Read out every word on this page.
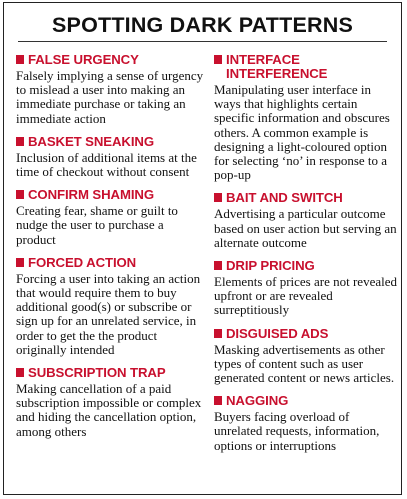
SPOTTING DARK PATTERNS
FALSE URGENCY
Falsely implying a sense of urgency to mislead a user into making an immediate purchase or taking an immediate action
BASKET SNEAKING
Inclusion of additional items at the time of checkout without consent
CONFIRM SHAMING
Creating fear, shame or guilt to nudge the user to purchase a product
FORCED ACTION
Forcing a user into taking an action that would require them to buy additional good(s) or subscribe or sign up for an unrelated service, in order to get the the product originally intended
SUBSCRIPTION TRAP
Making cancellation of a paid subscription impossible or complex and hiding the cancellation option, among others
INTERFACE INTERFERENCE
Manipulating user interface in ways that highlights certain specific information and obscures others. A common example is designing a light-coloured option for selecting ‘no’ in response to a pop-up
BAIT AND SWITCH
Advertising a particular outcome based on user action but serving an alternate outcome
DRIP PRICING
Elements of prices are not revealed upfront or are revealed surreptitiously
DISGUISED ADS
Masking advertisements as other types of content such as user generated content or news articles.
NAGGING
Buyers facing overload of unrelated requests, information, options or interruptions
